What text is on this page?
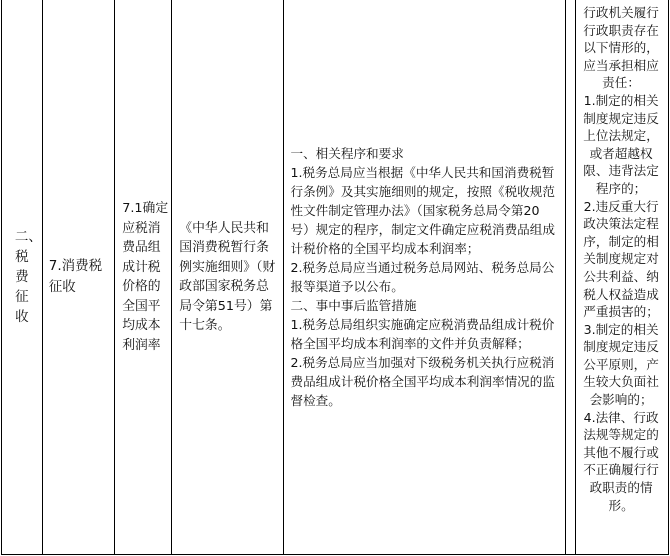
二、税费征收

7.消费税征收

7.1确定应税消费品组成计税价格的全国平均成本利润率

《中华人民共和国消费税暂行条例实施细则》（财政部国家税务总局令第51号）第十七条。

一、相关程序和要求
1.税务总局应当根据《中华人民共和国消费税暂行条例》及其实施细则的规定，按照《税收规范性文件制定管理办法》（国家税务总局令第20号）规定的程序，制定文件确定应税消费品组成计税价格的全国平均成本利润率；
2.税务总局应当通过税务总局网站、税务总局公报等渠道予以公布。
二、事中事后监管措施
1.税务总局组织实施确定应税消费品组成计税价格全国平均成本利润率的文件并负责解释；
2.税务总局应当加强对下级税务机关执行应税消费品组成计税价格全国平均成本利润率情况的监督检查。

行政机关履行行政职责存在以下情形的，应当承担相应责任：
1.制定的相关制度规定违反上位法规定，或者超越权限、违背法定程序的；
2.违反重大行政决策法定程序，制定的相关制度规定对公共利益、纳税人权益造成严重损害的；
3.制定的相关制度规定违反公平原则，产生较大负面社会影响的；
4.法律、行政法规等规定的其他不履行或不正确履行行政职责的情形。
